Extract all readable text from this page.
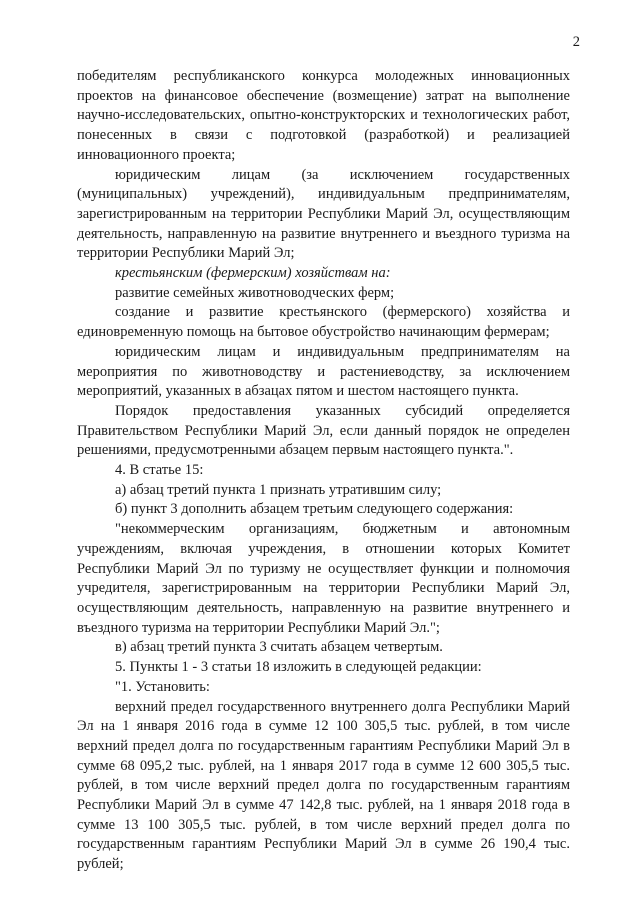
2

победителям республиканского конкурса молодежных инновационных проектов на финансовое обеспечение (возмещение) затрат на выполнение научно-исследовательских, опытно-конструкторских и технологических работ, понесенных в связи с подготовкой (разработкой) и реализацией инновационного проекта;

юридическим лицам (за исключением государственных (муниципальных) учреждений), индивидуальным предпринимателям, зарегистрированным на территории Республики Марий Эл, осуществляющим деятельность, направленную на развитие внутреннего и въездного туризма на территории Республики Марий Эл;

крестьянским (фермерским) хозяйствам на:

развитие семейных животноводческих ферм;

создание и развитие крестьянского (фермерского) хозяйства и единовременную помощь на бытовое обустройство начинающим фермерам;

юридическим лицам и индивидуальным предпринимателям на мероприятия по животноводству и растениеводству, за исключением мероприятий, указанных в абзацах пятом и шестом настоящего пункта.

Порядок предоставления указанных субсидий определяется Правительством Республики Марий Эл, если данный порядок не определен решениями, предусмотренными абзацем первым настоящего пункта.".

4. В статье 15:

а) абзац третий пункта 1 признать утратившим силу;

б) пункт 3 дополнить абзацем третьим следующего содержания:

"некоммерческим организациям, бюджетным и автономным учреждениям, включая учреждения, в отношении которых Комитет Республики Марий Эл по туризму не осуществляет функции и полномочия учредителя, зарегистрированным на территории Республики Марий Эл, осуществляющим деятельность, направленную на развитие внутреннего и въездного туризма на территории Республики Марий Эл.";

в) абзац третий пункта 3 считать абзацем четвертым.

5. Пункты 1 - 3 статьи 18 изложить в следующей редакции:

"1. Установить:

верхний предел государственного внутреннего долга Республики Марий Эл на 1 января 2016 года в сумме 12 100 305,5 тыс. рублей, в том числе верхний предел долга по государственным гарантиям Республики Марий Эл в сумме 68 095,2 тыс. рублей, на 1 января 2017 года в сумме 12 600 305,5 тыс. рублей, в том числе верхний предел долга по государственным гарантиям Республики Марий Эл в сумме 47 142,8 тыс. рублей, на 1 января 2018 года в сумме 13 100 305,5 тыс. рублей, в том числе верхний предел долга по государственным гарантиям Республики Марий Эл в сумме 26 190,4 тыс. рублей;
